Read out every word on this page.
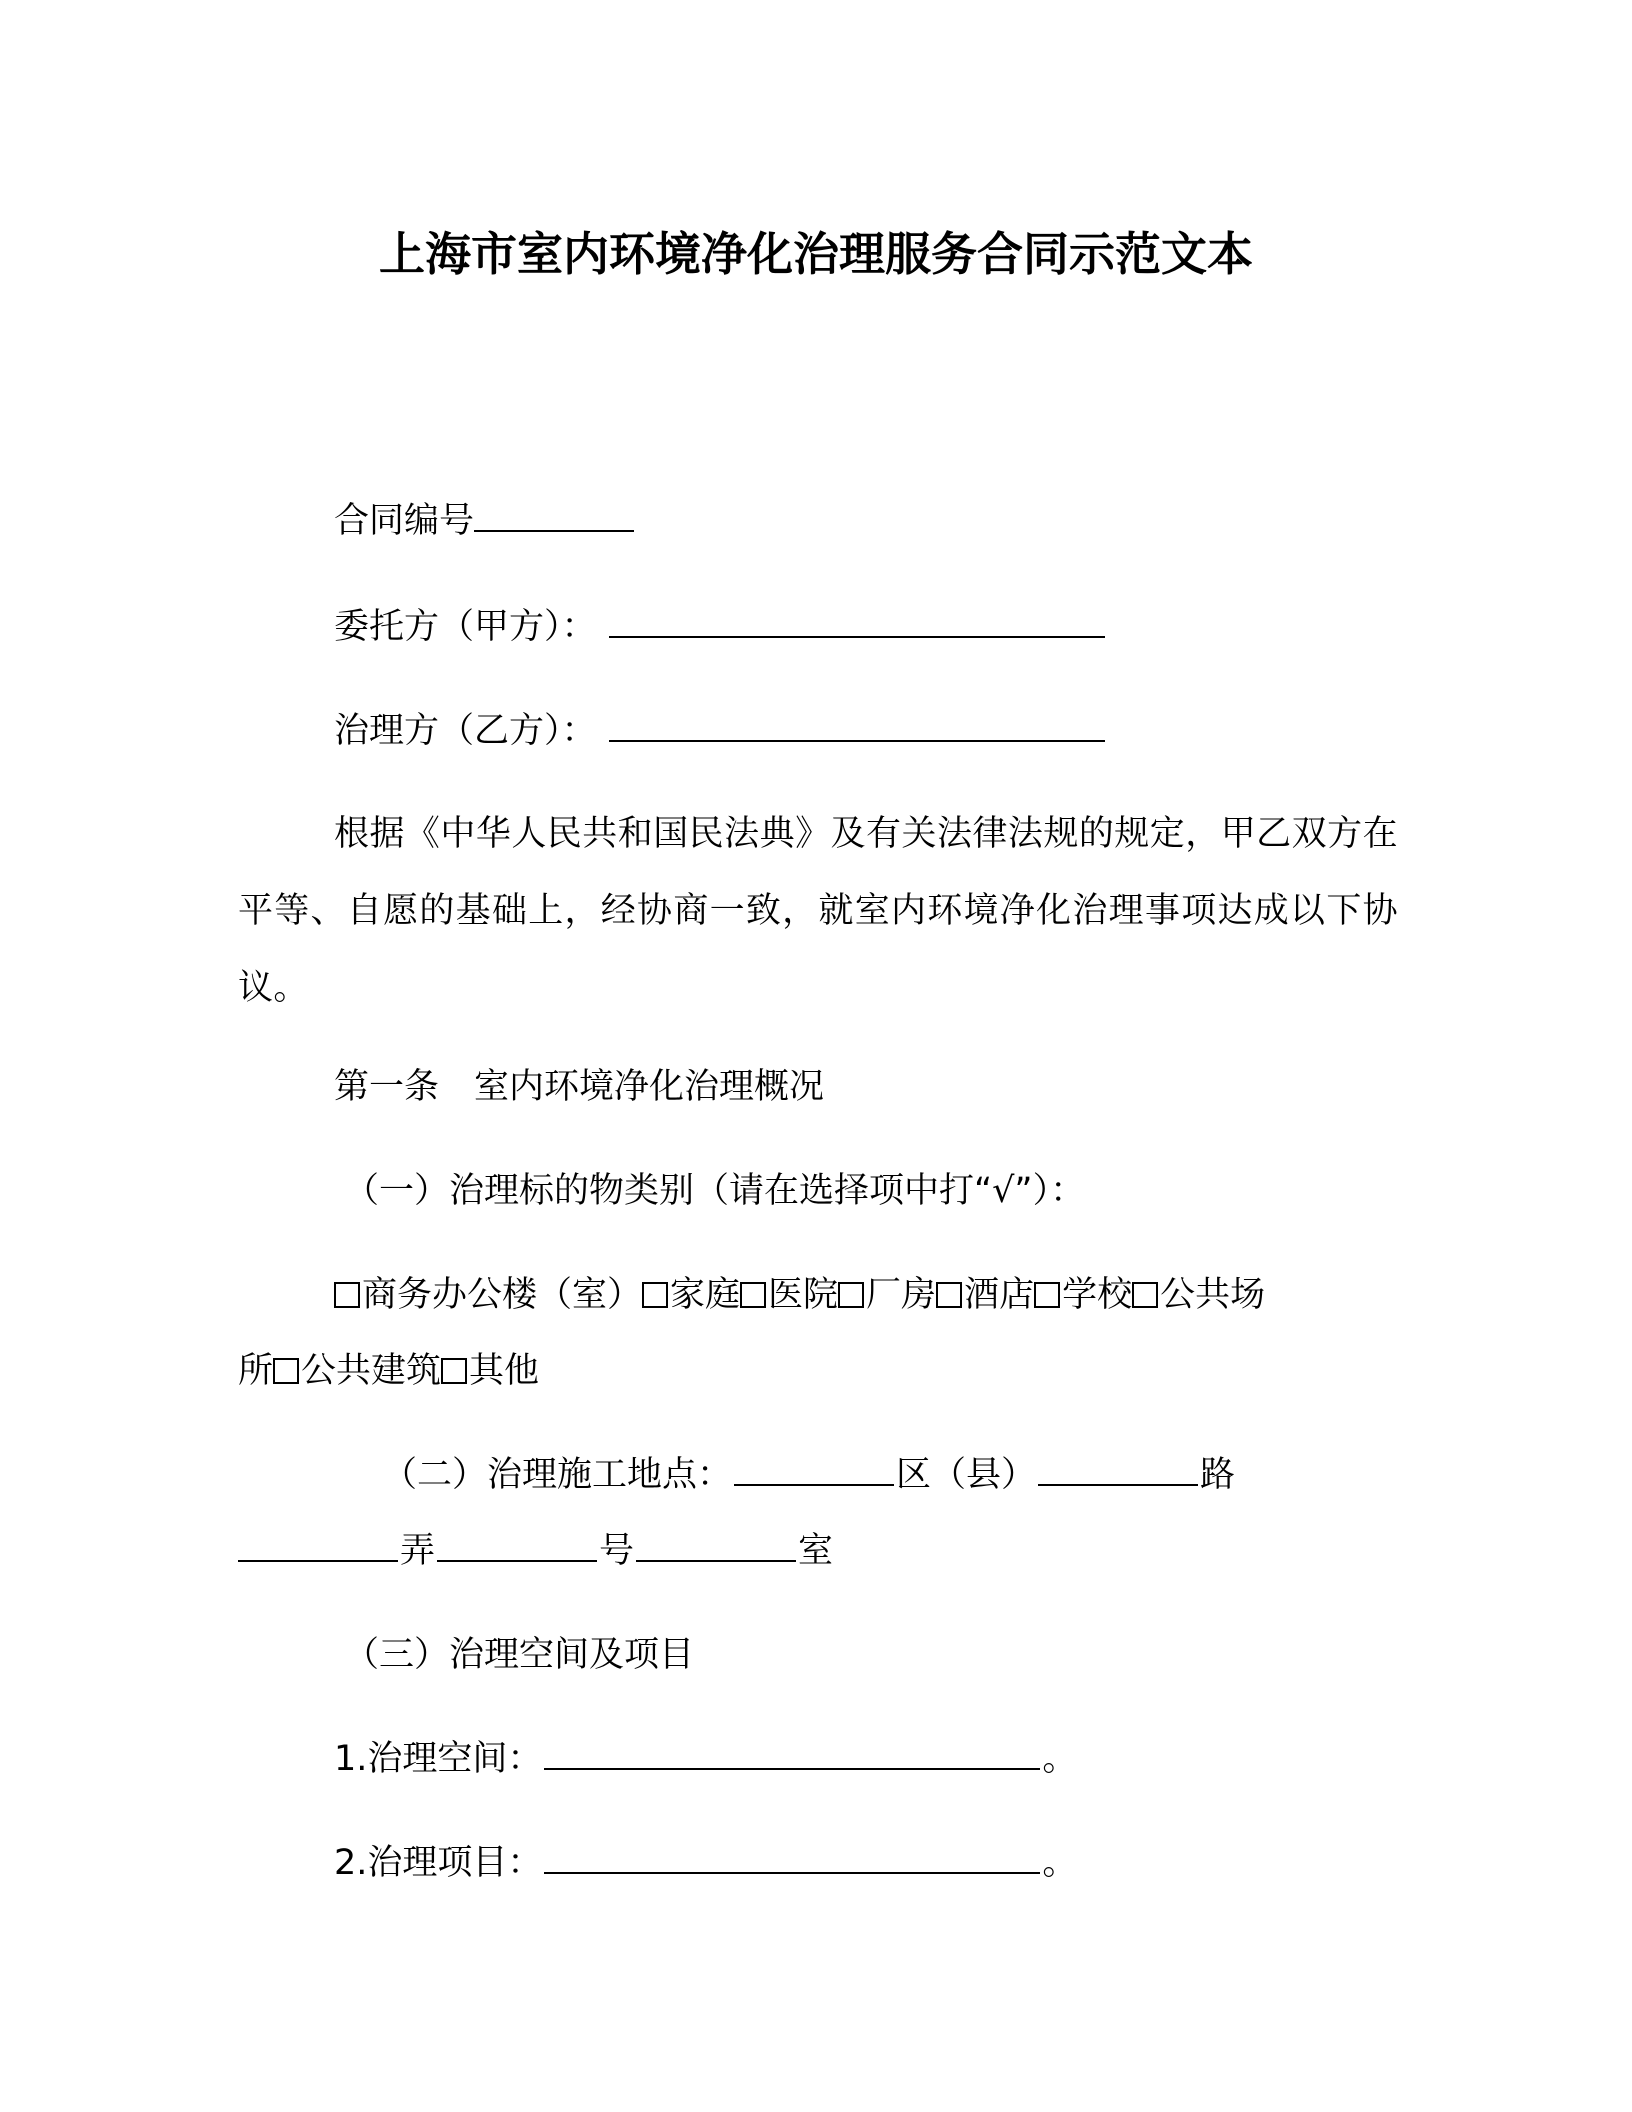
上海市室内环境净化治理服务合同示范文本
合同编号
委托方（甲方）：
治理方（乙方）：
根据《中华人民共和国民法典》及有关法律法规的规定，甲乙双方在平等、自愿的基础上，经协商一致，就室内环境净化治理事项达成以下协议。
第一条　室内环境净化治理概况
（一）治理标的物类别（请在选择项中打“√”）：
商务办公楼（室） 家庭 医院 厂房 酒店 学校 公共场
所 公共建筑 其他
（二）治理施工地点：	区（县）	路
弄	号	室
（三）治理空间及项目
1.治理空间：	。
2.治理项目：	。
